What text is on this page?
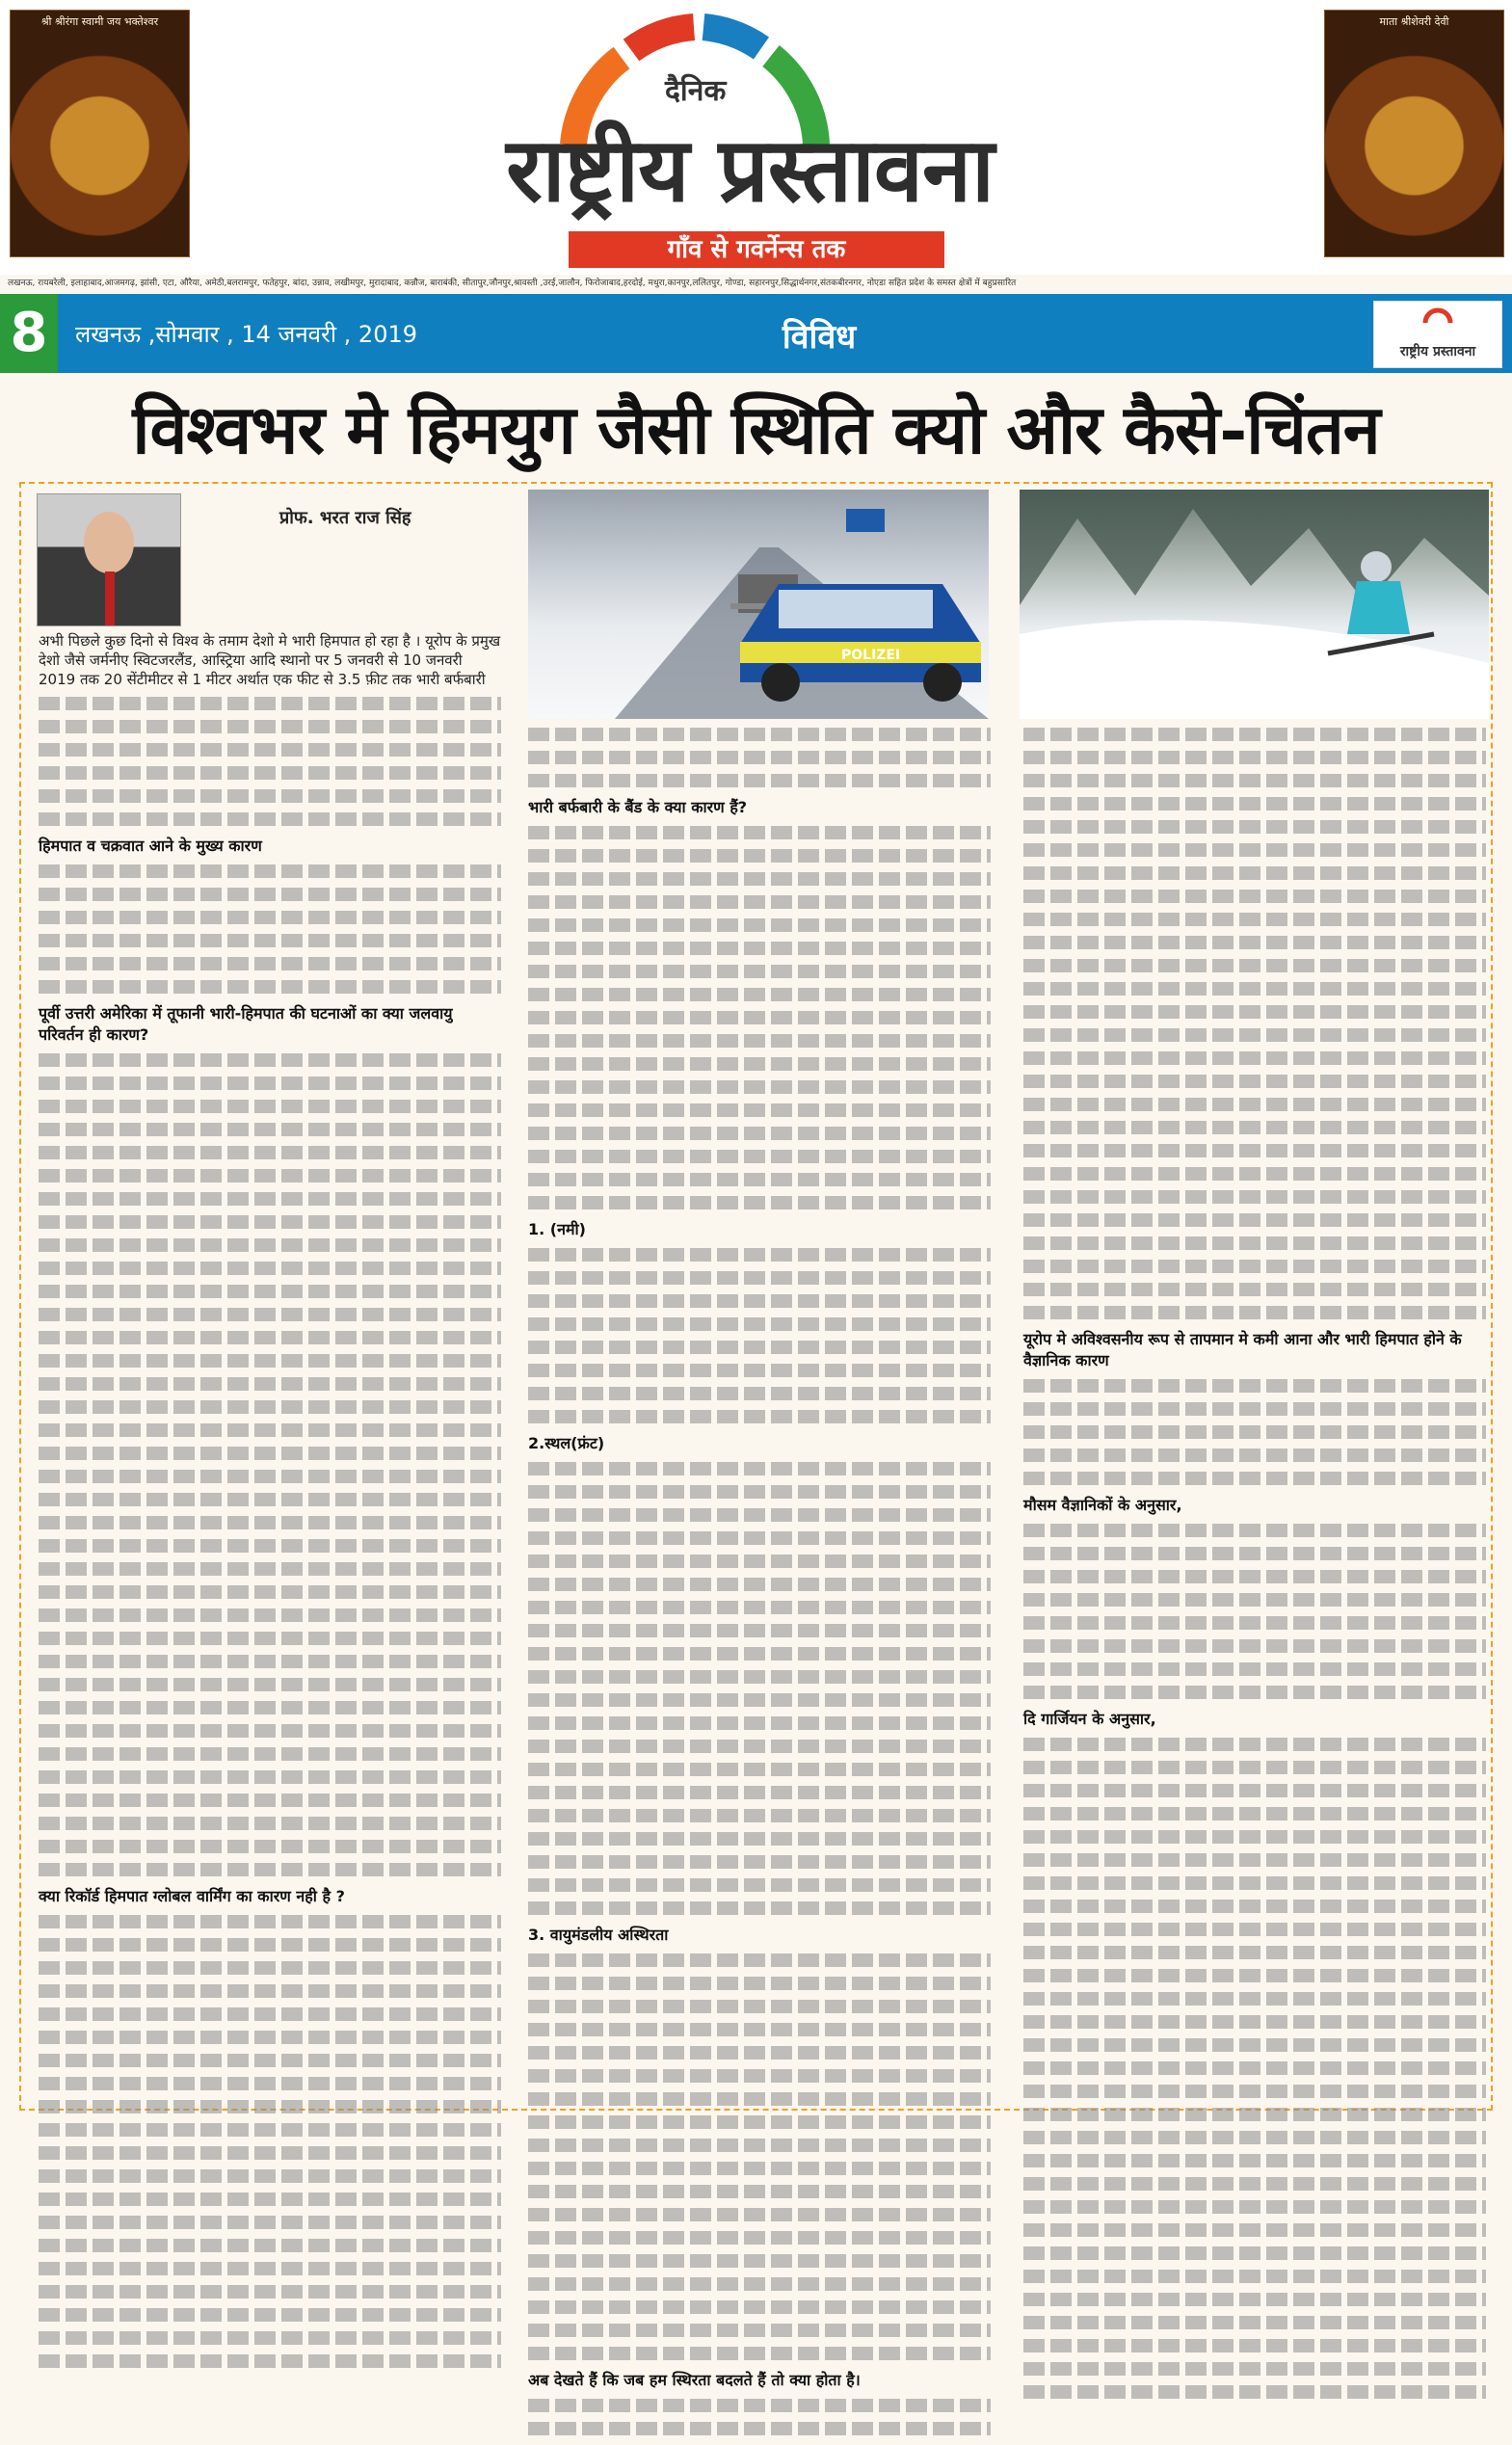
श्री श्रीरंगा स्वामी जय भक्तेश्वर	माता श्रीशेवरी देवी
दैनिक
राष्ट्रीय प्रस्तावना
गाँव से गवर्नेन्स तक
लखनऊ, रायबरेली, इलाहाबाद,आजमगढ़, झांसी, एटा, औरैया, अमेठी,बलरामपुर, फतेहपुर, बांदा, उन्नाव, लखीमपुर, मुरादाबाद, कन्नौज, बाराबंकी, सीतापुर,जौनपुर,श्रावस्ती ,उरई,जालौन, फिरोजाबाद,हरदोई, मथुरा,कानपुर,ललितपुर, गोण्डा, सहारनपुर,सिद्धार्थनगर,संतकबीरनगर, नोएडा सहित प्रदेश के समस्त क्षेत्रों में बहुप्रसारित
8	लखनऊ ,सोमवार , 14 जनवरी , 2019	विविध	राष्ट्रीय प्रस्तावना
विश्वभर मे हिमयुग जैसी स्थिति क्यो और कैसे-चिंतन
प्रोफ. भरत राज सिंह
POLIZEI
अभी पिछले कुछ दिनो से विश्व के तमाम देशो मे भारी हिमपात हो रहा है । यूरोप के प्रमुख देशो जैसे जर्मनीए स्विटजरलैंड, आस्ट्रिया आदि स्थानो पर 5 जनवरी से 10 जनवरी 2019 तक 20 सेंटीमीटर से 1 मीटर अर्थात एक फीट से 3.5 फ़ीट तक भारी बर्फबारी
हिमपात व चक्रवात आने के मुख्य कारण
पूर्वी उत्तरी अमेरिका में तूफानी भारी-हिमपात की घटनाओं का क्या जलवायु परिवर्तन ही कारण?
क्या रिकॉर्ड हिमपात ग्लोबल वार्मिंग का कारण नही है ?
भारी बर्फबारी के बैंड के क्या कारण हैं?
1. (नमी)
2.स्थल(फ्रंट)
3. वायुमंडलीय अस्थिरता
अब देखते हैं कि जब हम स्थिरता बदलते हैं तो क्या होता है।
यूरोप मे अविश्वसनीय रूप से तापमान मे कमी आना और भारी हिमपात होने के वैज्ञानिक कारण
मौसम वैज्ञानिकों के अनुसार,
दि गार्जियन के अनुसार,
